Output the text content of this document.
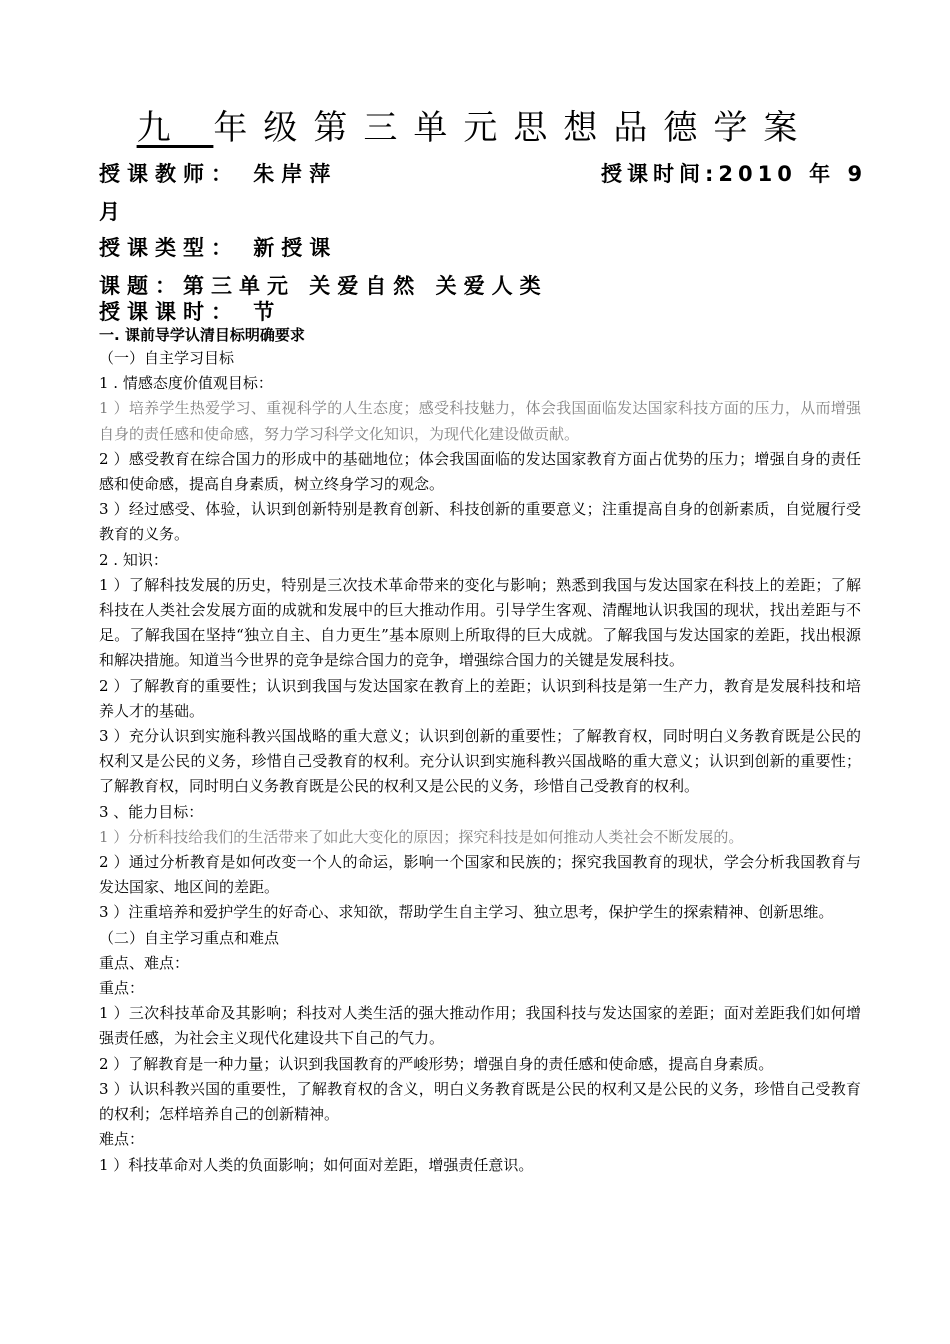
九 年级第三单元思想品德学案
授课教师： 朱岸萍	授课时间:2010 年 9
月
授课类型： 新授课
课题：第三单元 关爱自然 关爱人类
授课课时： 节
一. 课前导学认清目标明确要求

（一）自主学习目标

1 . 情感态度价值观目标：

1 ）培养学生热爱学习、重视科学的人生态度；感受科技魅力，体会我国面临发达国家科技方面的压力，从而增强自身的责任感和使命感，努力学习科学文化知识，为现代化建设做贡献。

2 ）感受教育在综合国力的形成中的基础地位；体会我国面临的发达国家教育方面占优势的压力；增强自身的责任感和使命感，提高自身素质，树立终身学习的观念。

3 ）经过感受、体验，认识到创新特别是教育创新、科技创新的重要意义；注重提高自身的创新素质，自觉履行受教育的义务。

2 . 知识：

1 ）了解科技发展的历史，特别是三次技术革命带来的变化与影响；熟悉到我国与发达国家在科技上的差距；了解科技在人类社会发展方面的成就和发展中的巨大推动作用。引导学生客观、清醒地认识我国的现状，找出差距与不足。了解我国在坚持“独立自主、自力更生”基本原则上所取得的巨大成就。了解我国与发达国家的差距，找出根源和解决措施。知道当今世界的竞争是综合国力的竞争，增强综合国力的关键是发展科技。

2 ）了解教育的重要性；认识到我国与发达国家在教育上的差距；认识到科技是第一生产力，教育是发展科技和培养人才的基础。

3 ）充分认识到实施科教兴国战略的重大意义；认识到创新的重要性；了解教育权，同时明白义务教育既是公民的权利又是公民的义务，珍惜自己受教育的权利。充分认识到实施科教兴国战略的重大意义；认识到创新的重要性；了解教育权，同时明白义务教育既是公民的权利又是公民的义务，珍惜自己受教育的权利。

3 、能力目标：

1 ）分析科技给我们的生活带来了如此大变化的原因；探究科技是如何推动人类社会不断发展的。

2 ）通过分析教育是如何改变一个人的命运，影响一个国家和民族的；探究我国教育的现状，学会分析我国教育与发达国家、地区间的差距。

3 ）注重培养和爱护学生的好奇心、求知欲，帮助学生自主学习、独立思考，保护学生的探索精神、创新思维。

（二）自主学习重点和难点

重点、难点：

重点：

1 ）三次科技革命及其影响；科技对人类生活的强大推动作用；我国科技与发达国家的差距；面对差距我们如何增强责任感，为社会主义现代化建设共下自己的气力。

2 ）了解教育是一种力量；认识到我国教育的严峻形势；增强自身的责任感和使命感，提高自身素质。

3 ）认识科教兴国的重要性，了解教育权的含义，明白义务教育既是公民的权利又是公民的义务，珍惜自己受教育的权利；怎样培养自己的创新精神。

难点：

1 ）科技革命对人类的负面影响；如何面对差距，增强责任意识。
